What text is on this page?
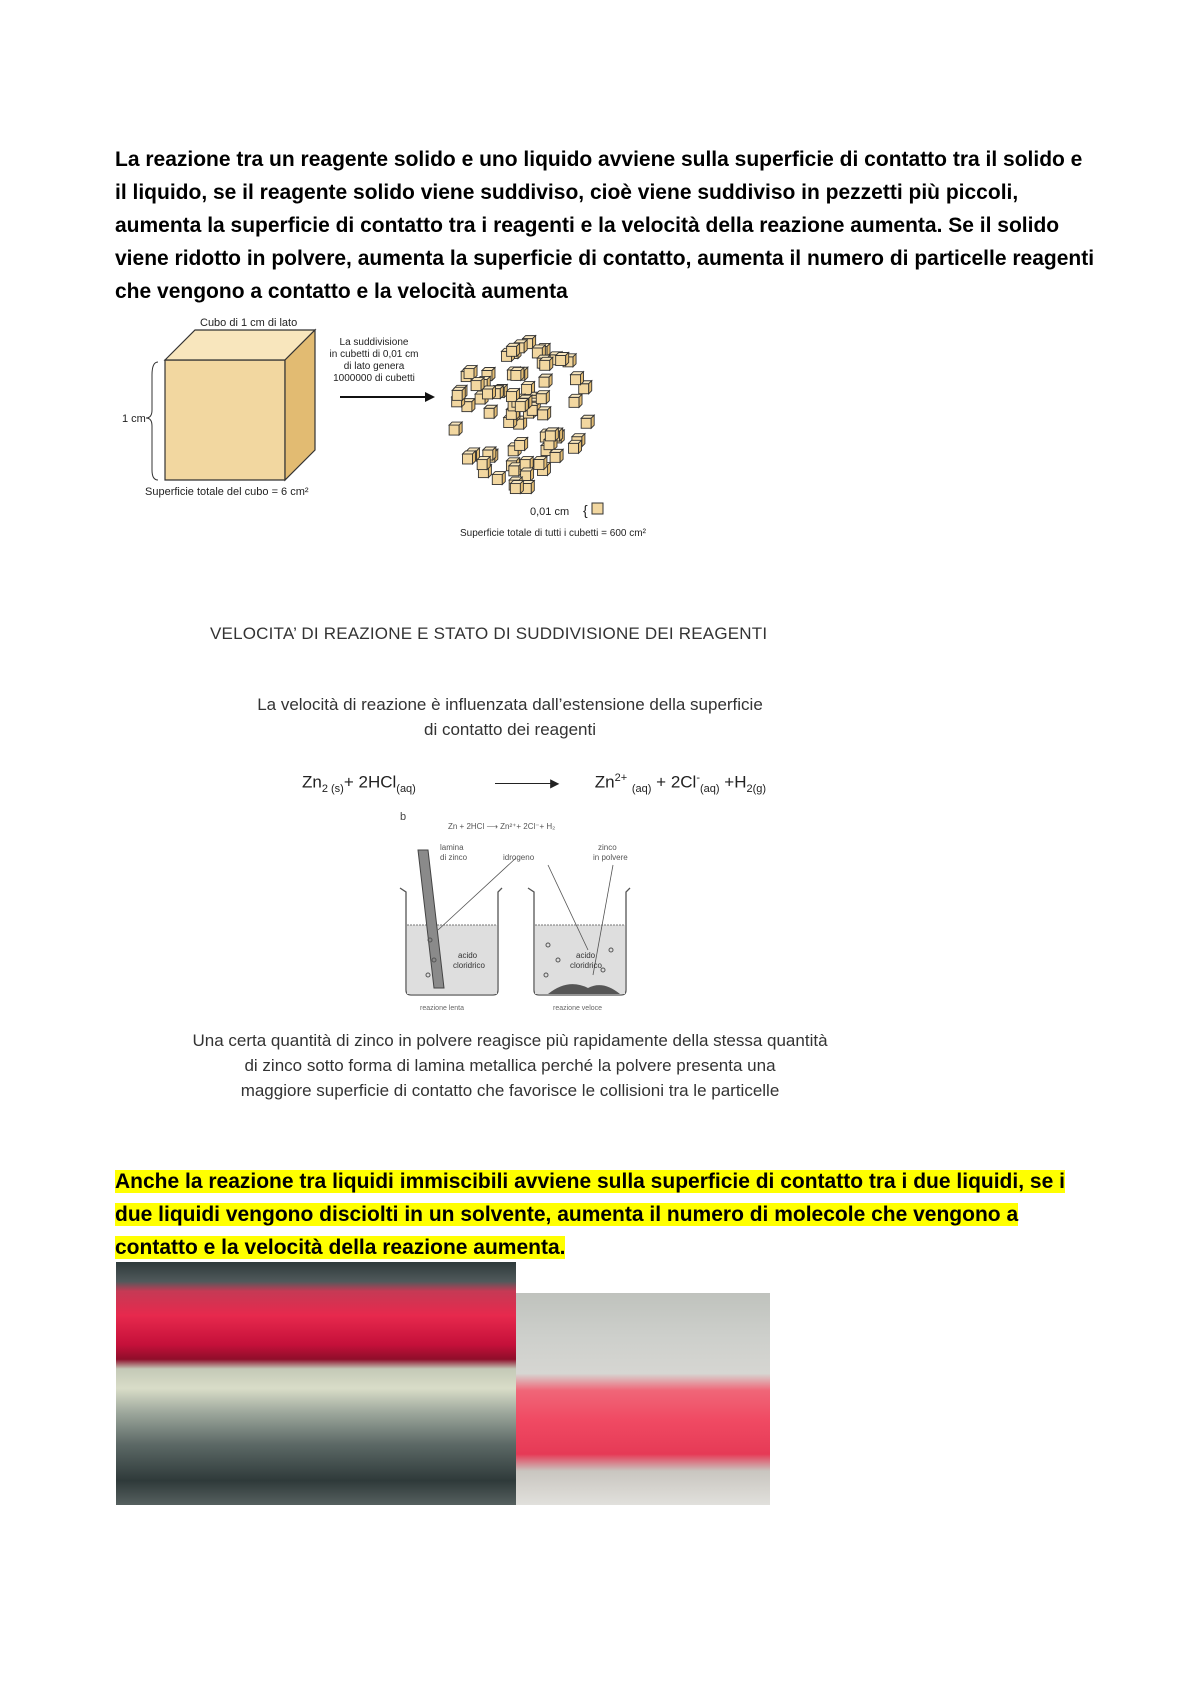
La reazione tra un reagente solido e uno liquido avviene sulla superficie di contatto tra il solido e il liquido, se il reagente solido viene suddiviso, cioè viene suddiviso in pezzetti più piccoli, aumenta la superficie di contatto tra i reagenti e la velocità della reazione aumenta. Se il solido viene ridotto in polvere, aumenta la superficie di contatto, aumenta il numero di particelle reagenti che vengono a contatto e la velocità aumenta
Cubo di 1 cm di lato
1 cm
Superficie totale del cubo = 6 cm²
La suddivisione
in cubetti di 0,01 cm
di lato genera
1000000 di cubetti
0,01 cm {
Superficie totale di tutti i cubetti = 600 cm²
VELOCITA’ DI REAZIONE E STATO DI SUDDIVISIONE DEI REAGENTI
La velocità di reazione è influenzata dall’estensione della superficie
di contatto dei reagenti
$Zn_{2 (s)}+ 2HCl_{(aq)}$	▶ $Zn^{2+}$ $_{(aq)} + 2Cl^-_{(aq)} +H_{2(g)}$
b
Zn + 2HCl ⟶ Zn²⁺+ 2Cl⁻+ H₂
lamina
di zinco	idrogeno
zinco
in polvere
acido
cloridrico
reazione lenta
acido
cloridrico
reazione veloce
Una certa quantità di zinco in polvere reagisce più rapidamente della stessa quantità
di zinco sotto forma di lamina metallica perché la polvere presenta una
maggiore superficie di contatto che favorisce le collisioni tra le particelle
Anche la reazione tra liquidi immiscibili avviene sulla superficie di contatto tra i due liquidi, se i due liquidi vengono disciolti in un solvente, aumenta il numero di molecole che vengono a contatto e la velocità della reazione aumenta.
